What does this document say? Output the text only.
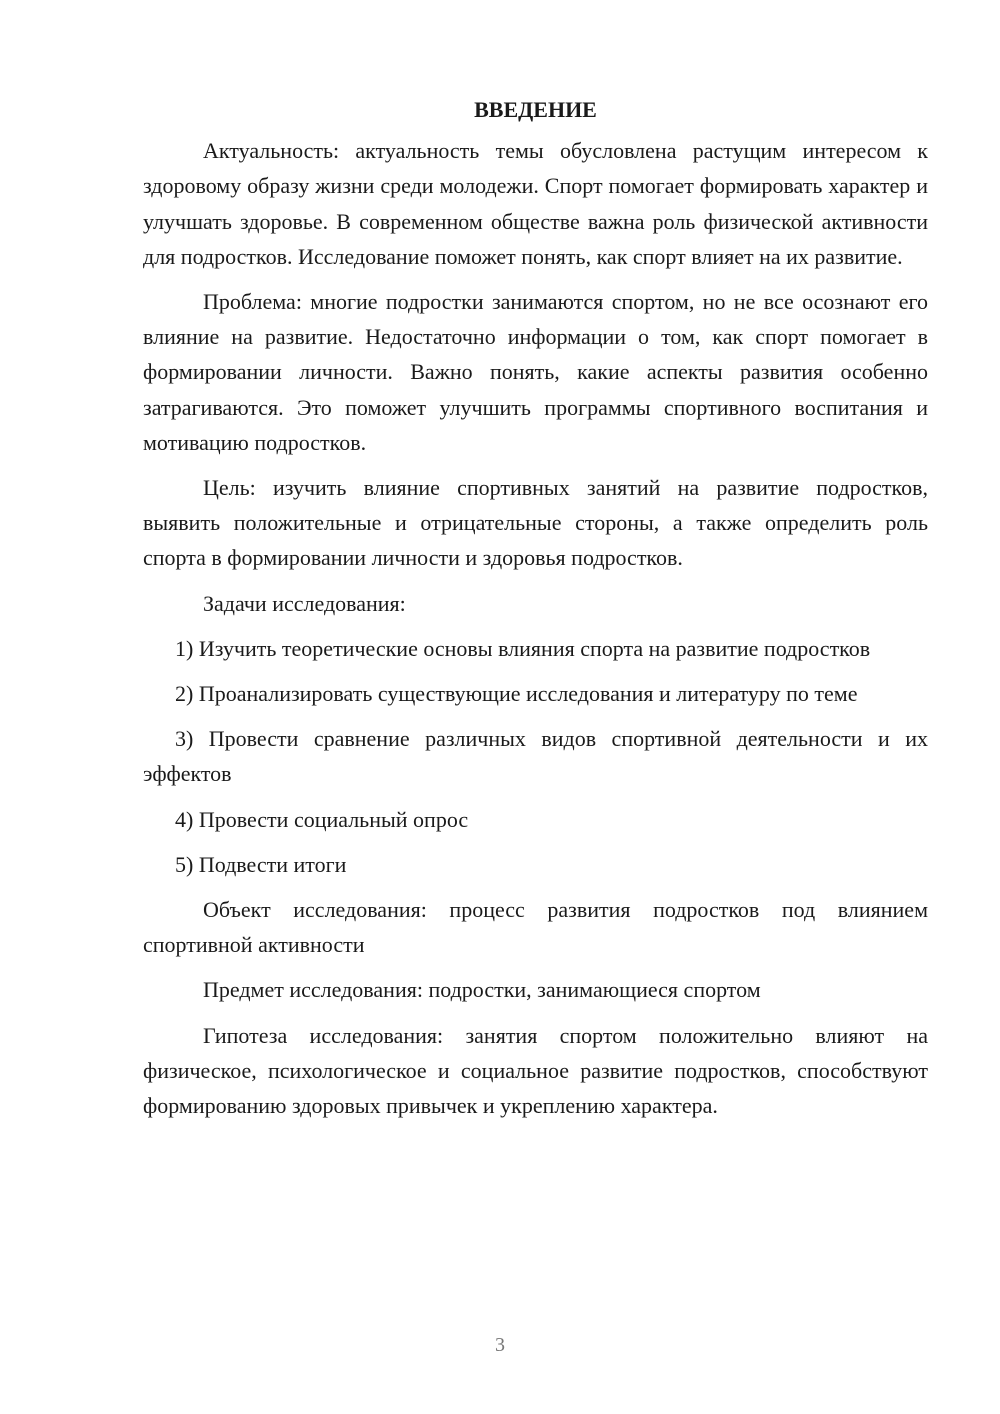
ВВЕДЕНИЕ

Актуальность: актуальность темы обусловлена растущим интересом к здоровому образу жизни среди молодежи. Спорт помогает формировать характер и улучшать здоровье. В современном обществе важна роль физической активности для подростков. Исследование поможет понять, как спорт влияет на их развитие.

Проблема: многие подростки занимаются спортом, но не все осознают его влияние на развитие. Недостаточно информации о том, как спорт помогает в формировании личности. Важно понять, какие аспекты развития особенно затрагиваются. Это поможет улучшить программы спортивного воспитания и мотивацию подростков.

Цель: изучить влияние спортивных занятий на развитие подростков, выявить положительные и отрицательные стороны, а также определить роль спорта в формировании личности и здоровья подростков.

Задачи исследования:

1) Изучить теоретические основы влияния спорта на развитие подростков

2) Проанализировать существующие исследования и литературу по теме

3) Провести сравнение различных видов спортивной деятельности и их эффектов

4) Провести социальный опрос

5) Подвести итоги

Объект исследования: процесс развития подростков под влиянием спортивной активности

Предмет исследования: подростки, занимающиеся спортом

Гипотеза исследования: занятия спортом положительно влияют на физическое, психологическое и социальное развитие подростков, способствуют формированию здоровых привычек и укреплению характера.

3
